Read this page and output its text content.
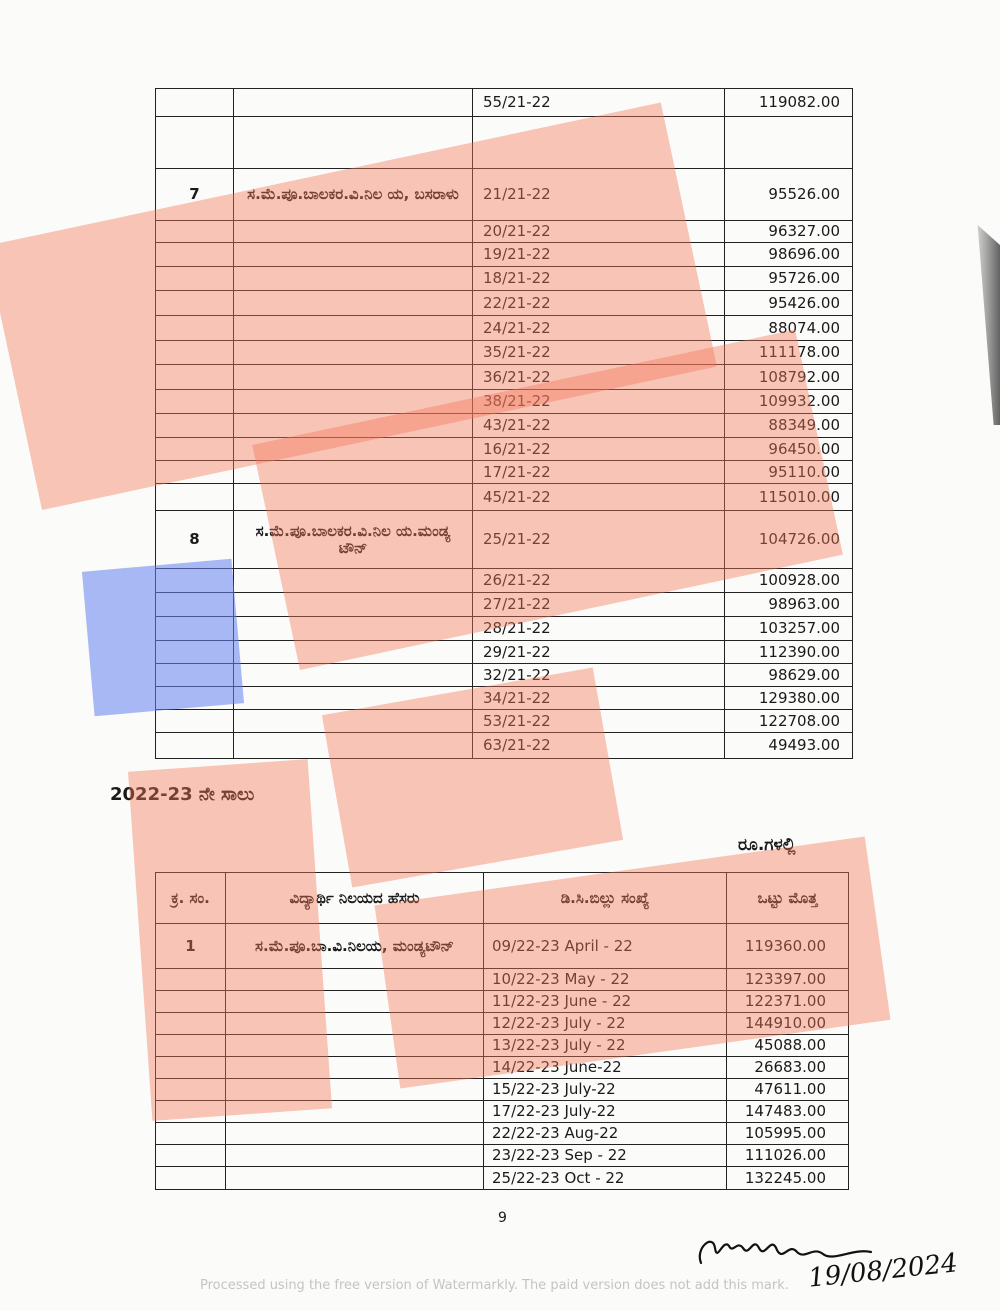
		55/21-22	119082.00

7	ಸ.ಮೆ.ಪೂ.ಬಾಲಕರ.ವಿ.ನಿಲ ಯ, ಬಸರಾಳು	21/21-22	95526.00
		20/21-22	96327.00
		19/21-22	98696.00
		18/21-22	95726.00
		22/21-22	95426.00
		24/21-22	88074.00
		35/21-22	111178.00
		36/21-22	108792.00
		38/21-22	109932.00
		43/21-22	88349.00
		16/21-22	96450.00
		17/21-22	95110.00
		45/21-22	115010.00
8	ಸ.ಮೆ.ಪೂ.ಬಾಲಕರ.ವಿ.ನಿಲ ಯ.ಮಂಡ್ಯ ಟೌನ್	25/21-22	104726.00
		26/21-22	100928.00
		27/21-22	98963.00
		28/21-22	103257.00
		29/21-22	112390.00
		32/21-22	98629.00
		34/21-22	129380.00
		53/21-22	122708.00
		63/21-22	49493.00

2022-23 ನೇ ಸಾಲು

ರೂ.ಗಳಲ್ಲಿ

ಕ್ರ. ಸಂ.	ವಿದ್ಯಾರ್ಥಿ ನಿಲಯದ ಹೆಸರು	ಡಿ.ಸಿ.ಬಿಲ್ಲು ಸಂಖ್ಯೆ	ಒಟ್ಟು ಮೊತ್ತ
1	ಸ.ಮೆ.ಪೂ.ಬಾ.ವಿ.ನಿಲಯ, ಮಂಡ್ಯಟೌನ್	09/22-23 April - 22	119360.00
		10/22-23 May - 22	123397.00
		11/22-23 June - 22	122371.00
		12/22-23 July - 22	144910.00
		13/22-23 July - 22	45088.00
		14/22-23 June-22	26683.00
		15/22-23 July-22	47611.00
		17/22-23 July-22	147483.00
		22/22-23 Aug-22	105995.00
		23/22-23 Sep - 22	111026.00
		25/22-23 Oct - 22	132245.00

9

Processed using the free version of Watermarkly. The paid version does not add this mark. 19/08/2024
